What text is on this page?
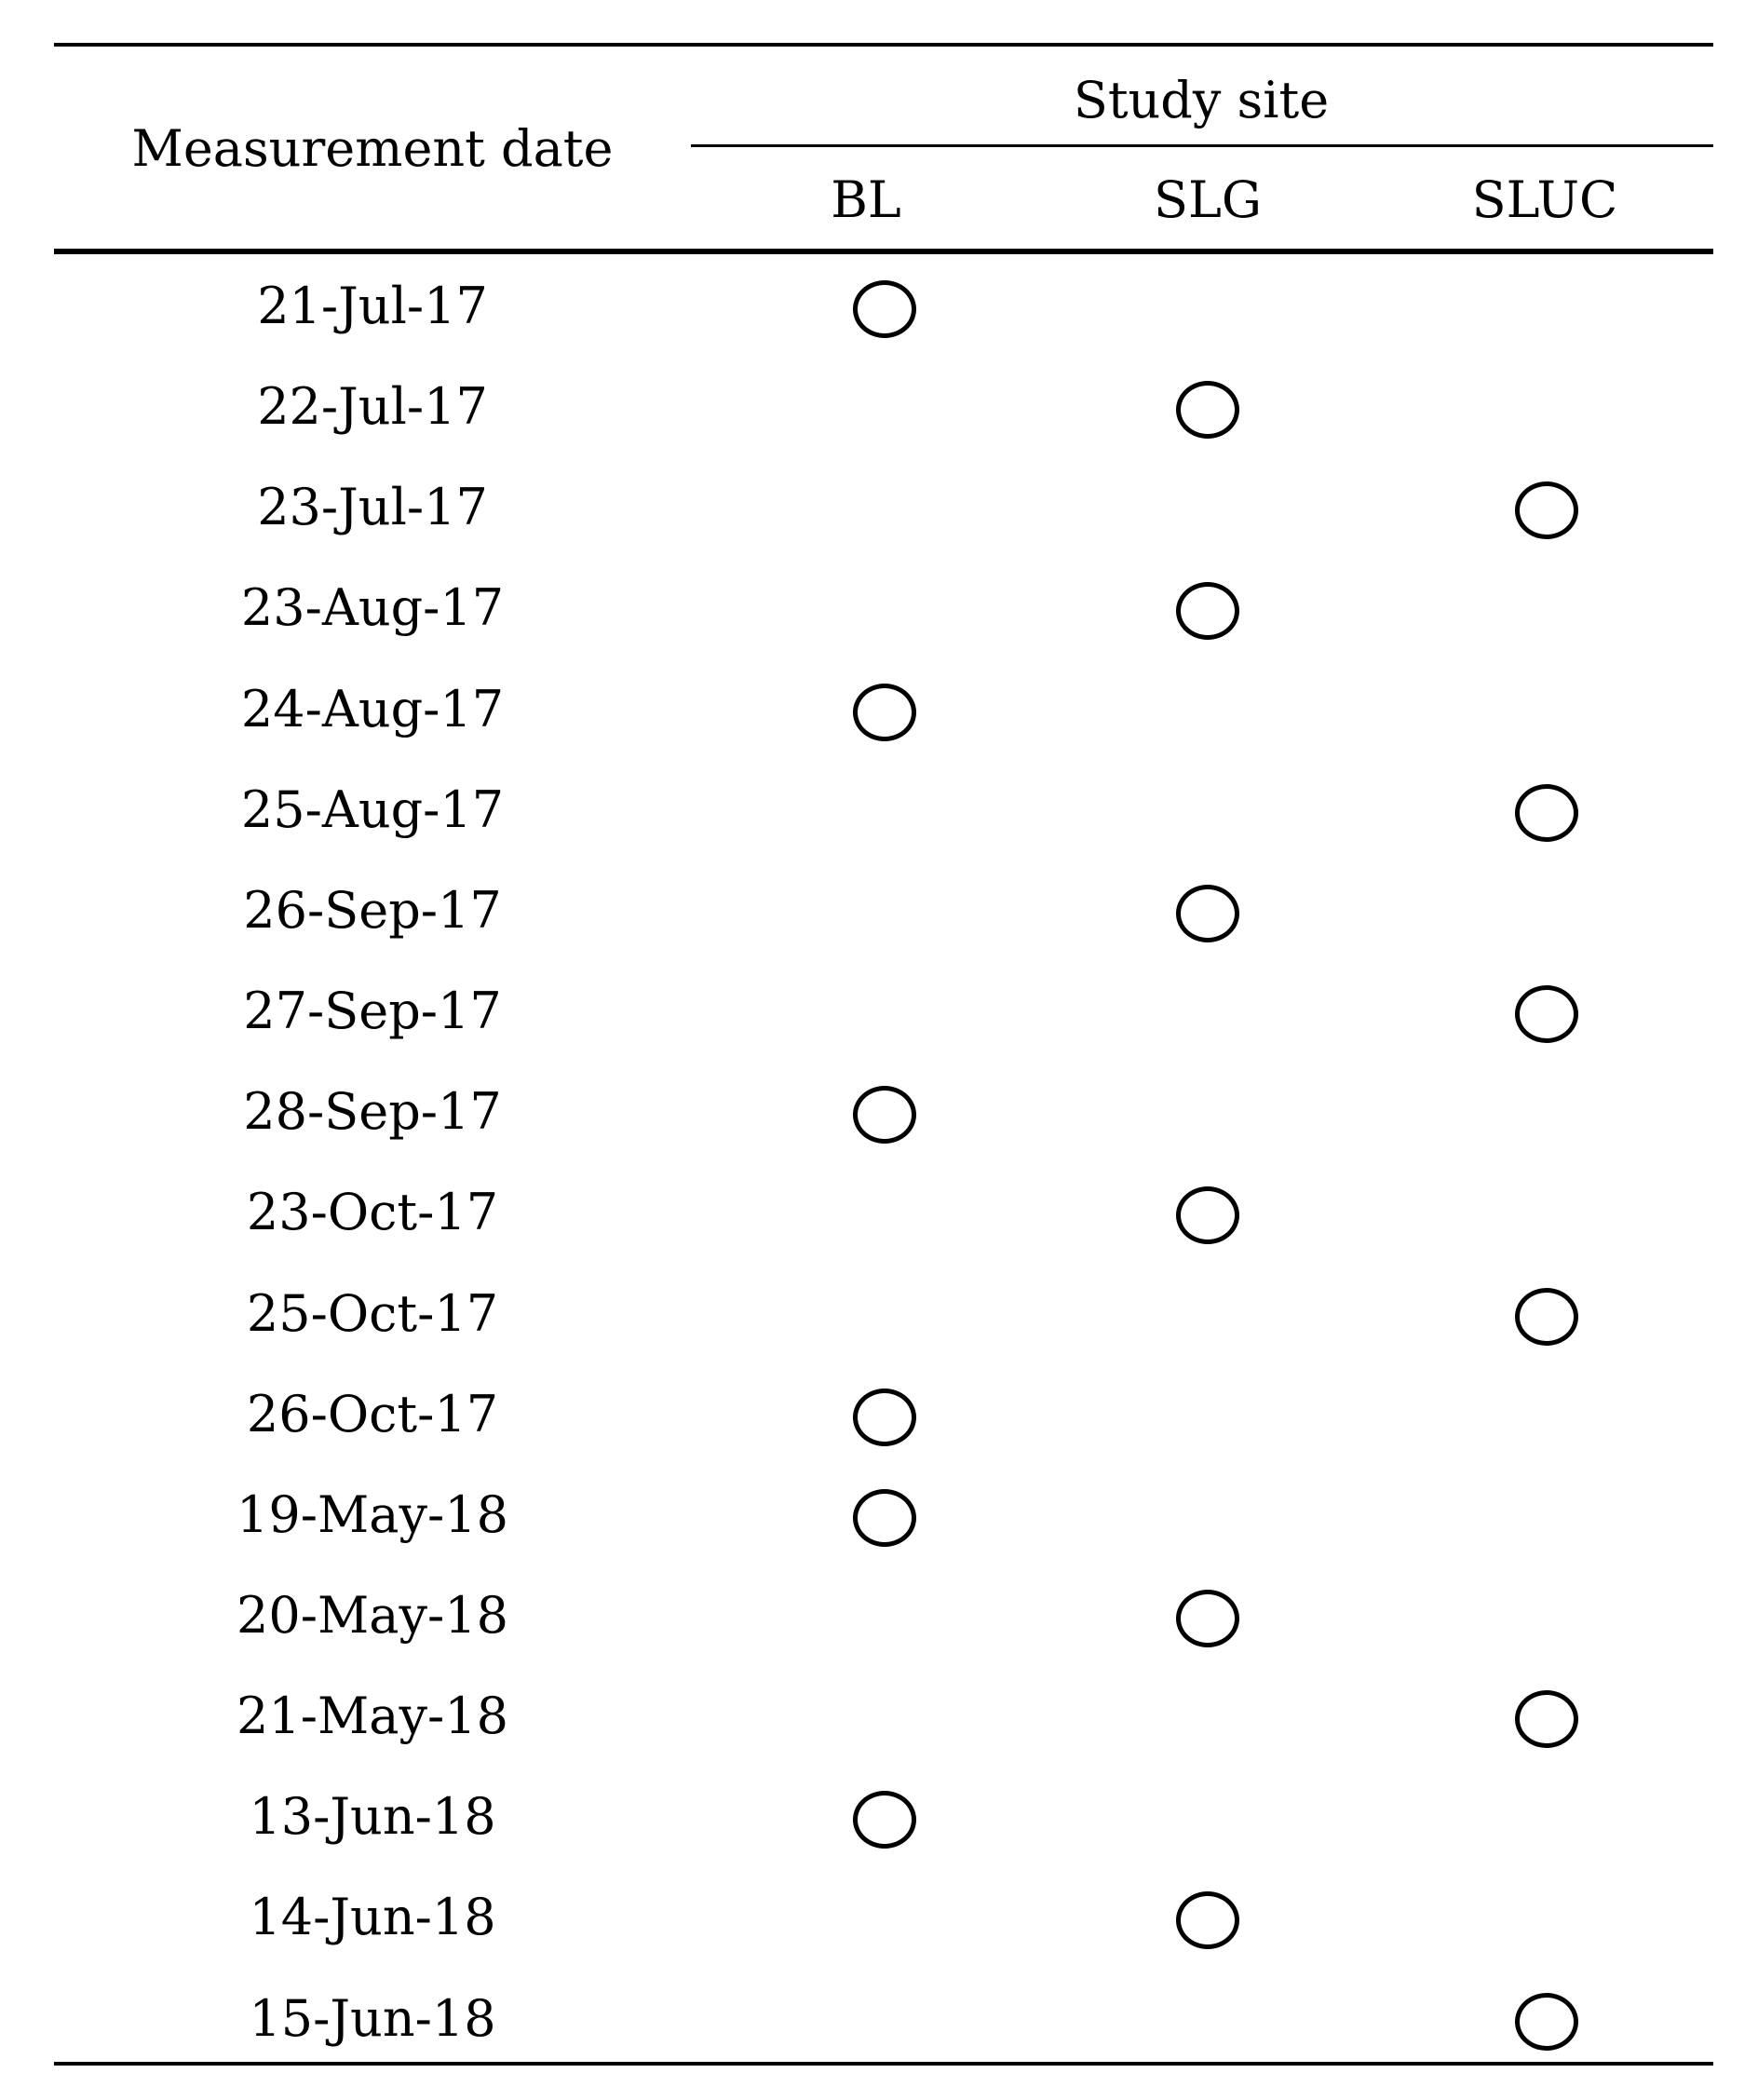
Measurement date
Study site
BL	SLG	SLUC
21-Jul-17
22-Jul-17
23-Jul-17
23-Aug-17
24-Aug-17
25-Aug-17
26-Sep-17
27-Sep-17
28-Sep-17
23-Oct-17
25-Oct-17
26-Oct-17
19-May-18
20-May-18
21-May-18
13-Jun-18
14-Jun-18
15-Jun-18
